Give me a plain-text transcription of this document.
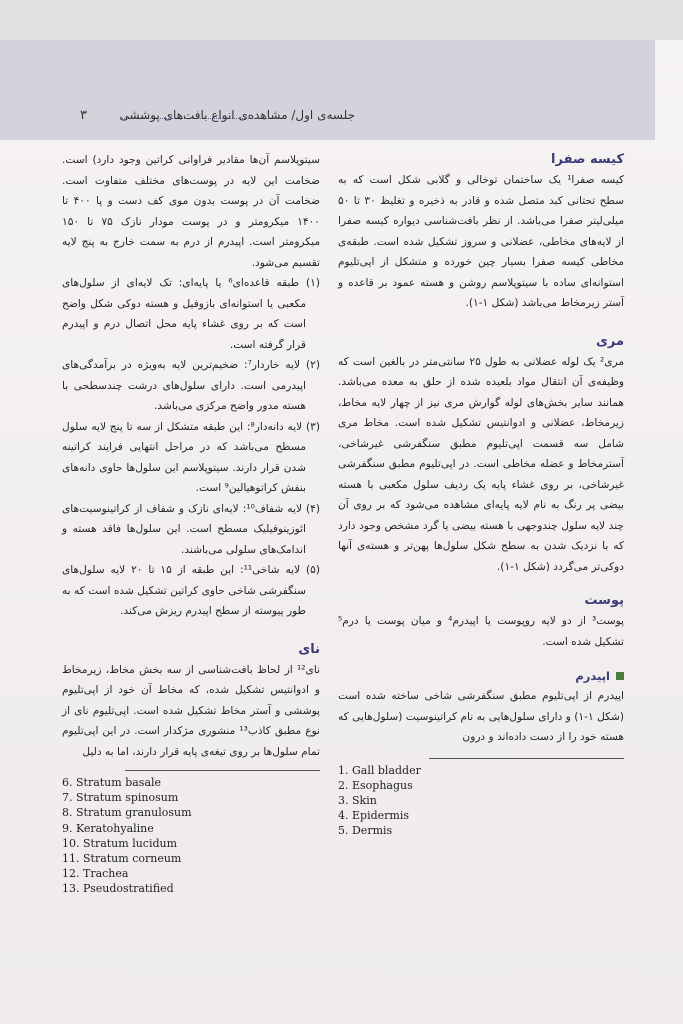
۳	جلسه‌ی اول/ مشاهده‌ی انواع بافت‌های پوششی

کیسه صفرا

کیسه صفرا¹ یک ساختمان توخالی و گلابی شکل است که به سطح تحتانی کبد متصل شده و قادر به ذخیره و تغلیظ ۳۰ تا ۵۰ میلی‌لیتر صفرا می‌باشد. از نظر بافت‌شناسی دیواره کیسه صفرا از لایه‌های مخاطی، عضلانی و سروز تشکیل شده است. طبقه‌ی مخاطی کیسه صفرا بسیار چین خورده و متشکل از اپی‌تلیوم استوانه‌ای ساده با سیتوپلاسم روشن و هسته عمود بر قاعده و آستر زیرمخاط می‌باشد (شکل ۱-۱).

مری

مری² یک لوله عضلانی به طول ۲۵ سانتی‌متر در بالغین است که وظیفه‌ی آن انتقال مواد بلعیده شده از حلق به معده می‌باشد. همانند سایر بخش‌های لوله گوارش مری نیز از چهار لایه مخاط، زیرمخاط، عضلانی و ادوانتیس تشکیل شده است. مخاط مری شامل سه قسمت اپی‌تلیوم مطبق سنگفرشی غیرشاخی، آسترمخاط و عضله مخاطی است. در اپی‌تلیوم مطبق سنگفرشی غیرشاخی، بر روی غشاء پایه یک ردیف سلول مکعبی با هسته بیضی پر رنگ به نام لایه پایه‌ای مشاهده می‌شود که بر روی آن چند لایه سلول چندوجهی با هسته بیضی یا گرد مشخص وجود دارد که با نزدیک شدن به سطح شکل سلول‌ها پهن‌تر و هسته‌ی آنها دوکی‌تر می‌گردد (شکل ۱-۱).

پوست

پوست³ از دو لایه روپوست یا اپیدرم⁴ و میان پوست یا درم⁵ تشکیل شده است.

اپیدرم

اپیدرم از اپی‌تلیوم مطبق سنگفرشی شاخی ساخته شده است (شکل ۱-۱) و دارای سلول‌هایی به نام کراتینوسیت (سلول‌هایی که هسته خود را از دست داده‌اند و درون

1. Gall bladder
2. Esophagus
3. Skin
4. Epidermis
5. Dermis

سیتوپلاسم آن‌ها مقادیر فراوانی کراتین وجود دارد) است. ضخامت این لایه در پوست‌های مختلف متفاوت است. ضخامت آن در پوست بدون موی کف دست و پا ۴۰۰ تا ۱۴۰۰ میکرومتر و در پوست مودار نازک ۷۵ تا ۱۵۰ میکرومتر است. اپیدرم از درم به سمت خارج به پنج لایه تقسیم می‌شود.

(۱) طبقه قاعده‌ای⁶ یا پایه‌ای: تک لایه‌ای از سلول‌های مکعبی یا استوانه‌ای بازوفیل و هسته دوکی شکل واضح است که بر روی غشاء پایه محل اتصال درم و اپیدرم قرار گرفته است.

(۲) لایه خاردار⁷: ضخیم‌ترین لایه به‌ویژه در برآمدگی‌های اپیدرمی است. دارای سلول‌های درشت چندسطحی با هسته مدور واضح مرکزی می‌باشد.

(۳) لایه دانه‌دار⁸: این طبقه متشکل از سه تا پنج لایه سلول مسطح می‌باشد که در مراحل انتهایی فرایند کراتینه شدن قرار دارند. سیتوپلاسم این سلول‌ها حاوی دانه‌های بنفش کراتوهیالین⁹ است.

(۴) لایه شفاف¹⁰: لایه‌ای نازک و شفاف از کراتینوسیت‌های ائوزینوفیلیک مسطح است. این سلول‌ها فاقد هسته و اندامک‌های سلولی می‌باشند.

(۵) لایه شاخی¹¹: این طبقه از ۱۵ تا ۲۰ لایه سلول‌های سنگفرشی شاخی حاوی کراتین تشکیل شده است که به طور پیوسته از سطح اپیدرم ریزش می‌کند.

نای

نای¹² از لحاظ بافت‌شناسی از سه بخش مخاط، زیرمخاط و ادوانتیس تشکیل شده، که مخاط آن خود از اپی‌تلیوم پوششی و آستر مخاط تشکیل شده است. اپی‌تلیوم نای از نوع مطبق کاذب¹³ منشوری مژکدار است. در این اپی‌تلیوم تمام سلول‌ها بر روی تیغه‌ی پایه قرار دارند، اما به دلیل

6. Stratum basale
7. Stratum spinosum
8. Stratum granulosum
9. Keratohyaline
10. Stratum lucidum
11. Stratum corneum
12. Trachea
13. Pseudostratified
